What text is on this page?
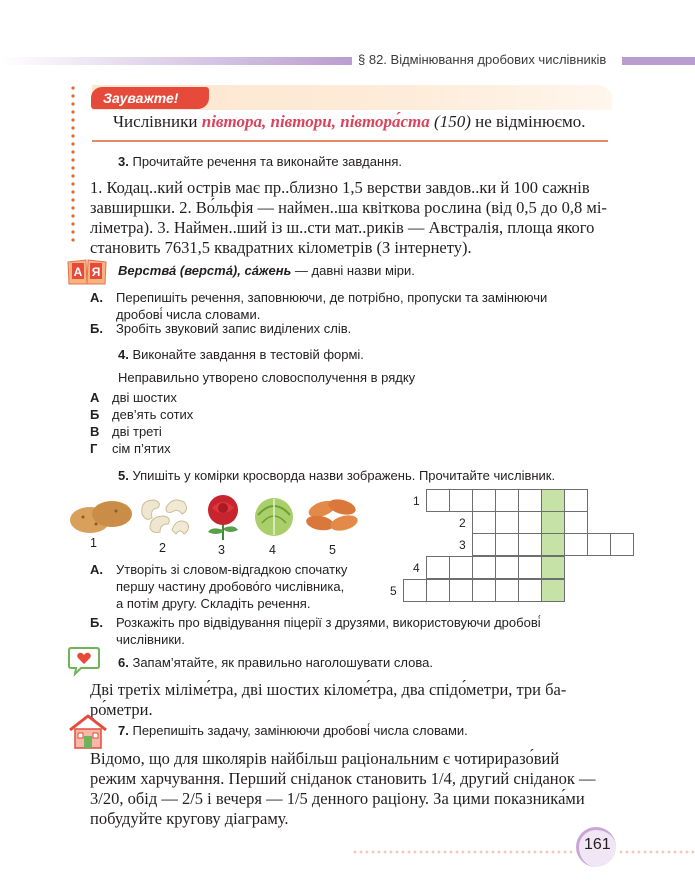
§ 82. Відмінювання дробових числівників
Зауважте!
Числівники півтора, півтори, півтора́ста (150) не відмінюємо.
3. Прочитайте речення та виконайте завдання.
1. Кодац..кий острів має пр..близно 1,5 верстви завдов..ки й 100 сажнів
завширшки. 2. Во́льфія — наймен..ша квіткова рослина (від 0,5 до 0,8 мі-
ліметра). 3. Наймен..ший із ш..сти мат..риків — Австралія, площа якого
становить 7631,5 квадратних кілометрів (З інтернету).
А Я Верства́ (верста́), са́жень — давні назви міри.
А. Перепишіть речення, заповнюючи, де потрібно, пропуски та замінюючи

дробові́ числа словами.
Б. Зробіть звуковий запис виділених слів.
4. Виконайте завдання в тестовій формі.
Неправильно утворено словосполучення в рядку
А дві шостих
Б дев’ять сотих
В дві треті
Г сім п’ятих
5. Упишіть у комірки кросворда назви зображень. Прочитайте числівник.
1	2	3	4	5
1
2
3
4
5
А. Утворіть зі словом-відгадкою спочатку

першу частину дробово́го числівника,

а потім другу. Складіть речення.
Б. Розкажіть про відвідування піцерії з друзями, використовуючи дробові́

числівники.
6. Запам’ятайте, як правильно наголошувати слова.
Дві третіх міліме́тра, дві шостих кіломе́тра, два спідо́метри, три ба-
ро́метри.
7. Перепишіть задачу, замінюючи дробові́ числа словами.
Відомо, що для школярів найбільш раціональним є чотириразо́вий
режим харчування. Перший сніданок становить 1/4, другий сніданок —
3/20, обід — 2/5 і вечеря — 1/5 денного раціону. За цими показника́ми
побудуйте кругову діаграму.
161
